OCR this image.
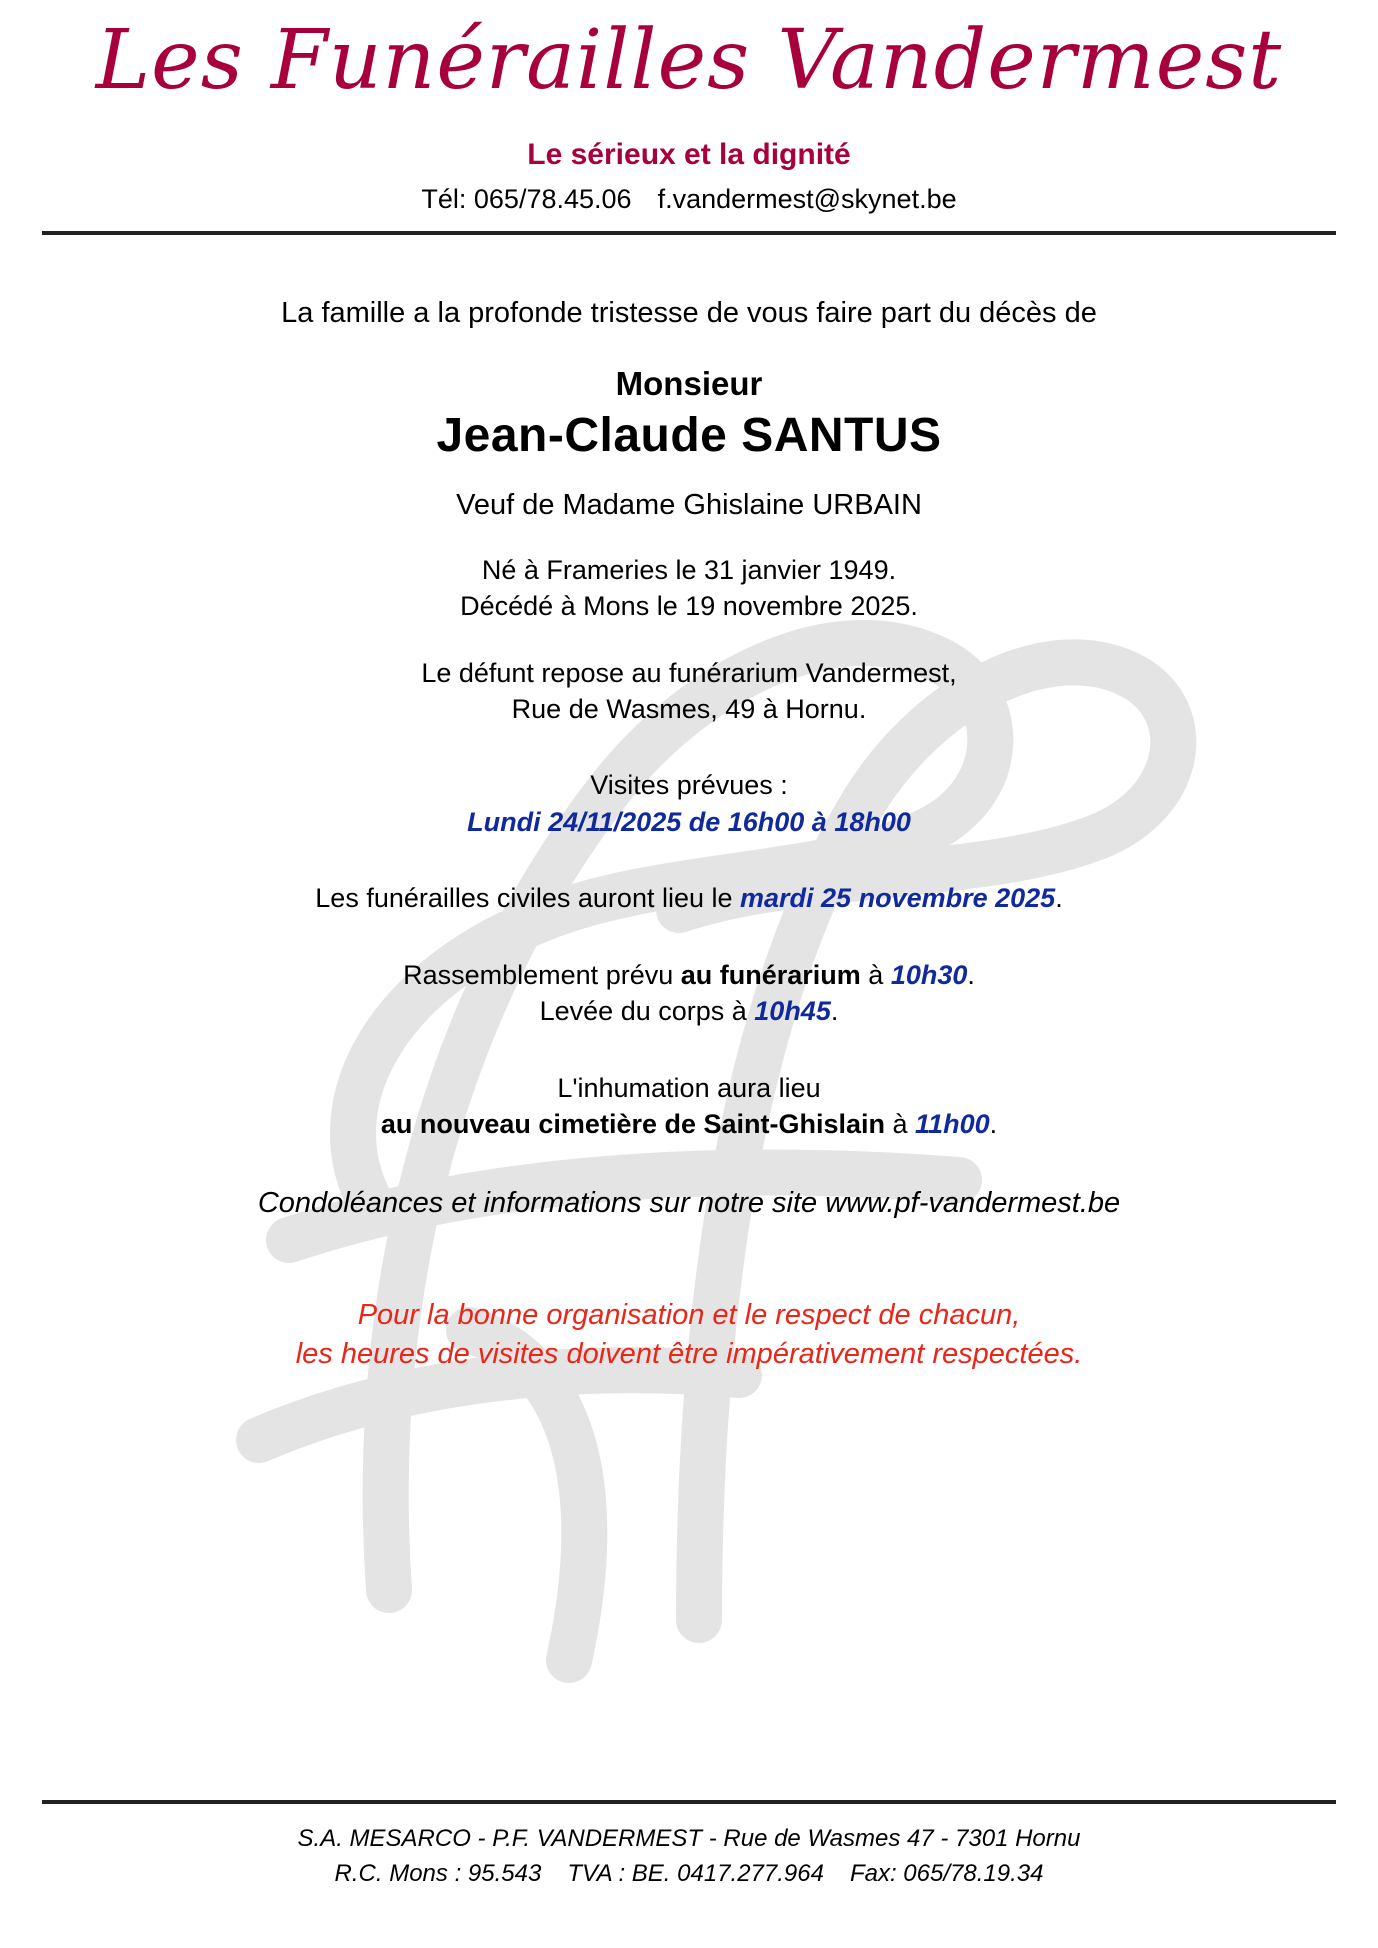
Les Funérailles Vandermest
Le sérieux et la dignité
Tél: 065/78.45.06 f.vandermest@skynet.be
La famille a la profonde tristesse de vous faire part du décès de
Monsieur
Jean-Claude SANTUS
Veuf de Madame Ghislaine URBAIN
Né à Frameries le 31 janvier 1949.
Décédé à Mons le 19 novembre 2025.
Le défunt repose au funérarium Vandermest,
Rue de Wasmes, 49 à Hornu.
Visites prévues :
Lundi 24/11/2025 de 16h00 à 18h00
Les funérailles civiles auront lieu le mardi 25 novembre 2025.
Rassemblement prévu au funérarium à 10h30.
Levée du corps à 10h45.
L'inhumation aura lieu
au nouveau cimetière de Saint-Ghislain à 11h00.
Condoléances et informations sur notre site www.pf-vandermest.be
Pour la bonne organisation et le respect de chacun,
les heures de visites doivent être impérativement respectées.
S.A. MESARCO - P.F. VANDERMEST - Rue de Wasmes 47 - 7301 Hornu
R.C. Mons : 95.543 TVA : BE. 0417.277.964 Fax: 065/78.19.34
